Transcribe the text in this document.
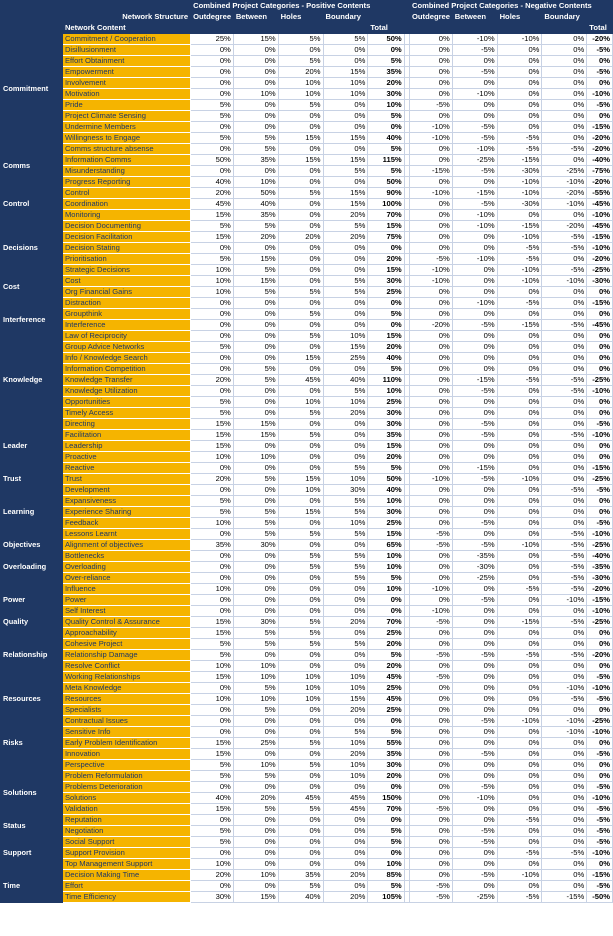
		Combined Project Categories - Positive Contents						Combined Project Categories - Negative Contents				
	Network Structure	Outdegree	Between	Holes	Boundary			Outdegree	Between	Holes	Boundary	
	Network Content					Total						Total
Commitment	Commitment / Cooperation	25%	15%	5%	5%	50%		0%	-10%	-10%	0%	-20%
	Disillusionment	0%	0%	0%	0%	0%		0%	-5%	0%	0%	-5%
	Effort Obtainment	0%	0%	5%	0%	5%		0%	0%	0%	0%	0%
	Empowerment	0%	0%	20%	15%	35%		0%	-5%	0%	0%	-5%
	Involvement	0%	0%	10%	10%	20%		0%	0%	0%	0%	0%
	Motivation	0%	10%	10%	10%	30%		0%	-10%	0%	0%	-10%
	Pride	5%	0%	5%	0%	10%		-5%	0%	0%	0%	-5%
	Project Climate Sensing	5%	0%	0%	0%	5%		0%	0%	0%	0%	0%
	Undermine Members	0%	0%	0%	0%	0%		-10%	-5%	0%	0%	-15%
	Willingness to Engage	5%	5%	15%	15%	40%		-10%	-5%	-5%	0%	-20%
Comms	Comms structure absense	0%	5%	0%	0%	5%		0%	-10%	-5%	-5%	-20%
	Information Comms	50%	35%	15%	15%	115%		0%	-25%	-15%	0%	-40%
	Misunderstanding	0%	0%	0%	5%	5%		-15%	-5%	-30%	-25%	-75%
	Progress Reporting	40%	10%	0%	0%	50%		0%	0%	-10%	-10%	-20%
Control	Control	20%	50%	5%	15%	90%		-10%	-15%	-10%	-20%	-55%
	Coordination	45%	40%	0%	15%	100%		0%	-5%	-30%	-10%	-45%
	Monitoring	15%	35%	0%	20%	70%		0%	-10%	0%	0%	-10%
Decisions	Decision Documenting	5%	5%	0%	5%	15%		0%	-10%	-15%	-20%	-45%
	Decision Facilitation	15%	20%	20%	20%	75%		0%	0%	-10%	-5%	-15%
	Decision Stating	0%	0%	0%	0%	0%		0%	0%	-5%	-5%	-10%
	Prioritisation	5%	15%	0%	0%	20%		-5%	-10%	-5%	0%	-20%
	Strategic Decisions	10%	5%	0%	0%	15%		-10%	0%	-10%	-5%	-25%
Cost	Cost	10%	15%	0%	5%	30%		-10%	0%	-10%	-10%	-30%
	Org Financial Gains	10%	5%	5%	5%	25%		0%	0%	0%	0%	0%
Interference	Distraction	0%	0%	0%	0%	0%		0%	-10%	-5%	0%	-15%
	Groupthink	0%	0%	5%	0%	5%		0%	0%	0%	0%	0%
	Interference	0%	0%	0%	0%	0%		-20%	-5%	-15%	-5%	-45%
	Law of Reciprocity	0%	0%	5%	10%	15%		0%	0%	0%	0%	0%
Knowledge	Group Advice Networks	5%	0%	0%	15%	20%		0%	0%	0%	0%	0%
	Info / Knowledge Search	0%	0%	15%	25%	40%		0%	0%	0%	0%	0%
	Information Competition	0%	5%	0%	0%	5%		0%	0%	0%	0%	0%
	Knowledge Transfer	20%	5%	45%	40%	110%		0%	-15%	-5%	-5%	-25%
	Knowledge Utilization	0%	0%	0%	5%	10%		0%	-5%	0%	-5%	-10%
	Opportunities	5%	0%	10%	10%	25%		0%	0%	0%	0%	0%
	Timely Access	5%	0%	5%	20%	30%		0%	0%	0%	0%	0%
Leader	Directing	15%	15%	0%	0%	30%		0%	-5%	0%	0%	-5%
	Facilitation	15%	15%	5%	0%	35%		0%	-5%	0%	-5%	-10%
	Leadership	15%	0%	0%	0%	15%		0%	0%	0%	0%	0%
	Proactive	10%	10%	0%	0%	20%		0%	0%	0%	0%	0%
	Reactive	0%	0%	0%	5%	5%		0%	-15%	0%	0%	-15%
Trust	Trust	20%	5%	15%	10%	50%		-10%	-5%	-10%	0%	-25%
Learning	Development	0%	0%	10%	30%	40%		0%	0%	0%	-5%	-5%
	Expansiveness	5%	0%	0%	5%	10%		0%	0%	0%	0%	0%
	Experience Sharing	5%	5%	15%	5%	30%		0%	0%	0%	0%	0%
	Feedback	10%	5%	0%	10%	25%		0%	-5%	0%	0%	-5%
	Lessons Learnt	0%	5%	5%	5%	15%		-5%	0%	0%	-5%	-10%
Objectives	Alignment of objectives	35%	30%	0%	0%	65%		-5%	-5%	-10%	-5%	-25%
Overloading	Bottlenecks	0%	0%	5%	5%	10%		0%	-35%	0%	-5%	-40%
	Overloading	0%	0%	5%	5%	10%		0%	-30%	0%	-5%	-35%
	Over-reliance	0%	0%	0%	5%	5%		0%	-25%	0%	-5%	-30%
Power	Influence	10%	0%	0%	0%	10%		-10%	0%	-5%	-5%	-20%
	Power	0%	0%	0%	0%	0%		0%	-5%	0%	-10%	-15%
	Self Interest	0%	0%	0%	0%	0%		-10%	0%	0%	0%	-10%
Quality	Quality Control & Assurance	15%	30%	5%	20%	70%		-5%	0%	-15%	-5%	-25%
Relationship	Approachability	15%	5%	5%	0%	25%		0%	0%	0%	0%	0%
	Cohesive Project	5%	5%	5%	5%	20%		0%	0%	0%	0%	0%
	Relationship Damage	5%	0%	0%	0%	5%		-5%	-5%	-5%	-5%	-20%
	Resolve Conflict	10%	10%	0%	0%	20%		0%	0%	0%	0%	0%
	Working Relationships	15%	10%	10%	10%	45%		-5%	0%	0%	0%	-5%
Resources	Meta Knowledge	0%	5%	10%	10%	25%		0%	0%	0%	-10%	-10%
	Resources	10%	10%	10%	15%	45%		0%	0%	0%	-5%	-5%
	Specialists	0%	5%	0%	20%	25%		0%	0%	0%	0%	0%
Risks	Contractual Issues	0%	0%	0%	0%	0%		0%	-5%	-10%	-10%	-25%
	Sensitive Info	0%	0%	0%	5%	5%		0%	0%	0%	-10%	-10%
	Early Problem Identification	15%	25%	5%	10%	55%		0%	0%	0%	0%	0%
	Innovation	15%	0%	0%	20%	35%		0%	-5%	0%	0%	-5%
	Perspective	5%	10%	5%	10%	30%		0%	0%	0%	0%	0%
Solutions	Problem Reformulation	5%	5%	0%	10%	20%		0%	0%	0%	0%	0%
	Problems Deterioration	0%	0%	0%	0%	0%		0%	-5%	0%	0%	-5%
	Solutions	40%	20%	45%	45%	150%		0%	-10%	0%	0%	-10%
	Validation	15%	5%	5%	45%	70%		-5%	0%	0%	0%	-5%
Status	Reputation	0%	0%	0%	0%	0%		0%	0%	-5%	0%	-5%
	Negotiation	5%	0%	0%	0%	5%		0%	-5%	0%	0%	-5%
Support	Social Support	5%	0%	0%	0%	5%		0%	-5%	0%	0%	-5%
	Support Provision	0%	0%	0%	0%	0%		0%	0%	-5%	-5%	-10%
	Top Management Support	10%	0%	0%	0%	10%		0%	0%	0%	0%	0%
Time	Decision Making Time	20%	10%	35%	20%	85%		0%	-5%	-10%	0%	-15%
	Effort	0%	0%	5%	0%	5%		-5%	0%	0%	0%	-5%
	Time Efficiency	30%	15%	40%	20%	105%		-5%	-25%	-5%	-15%	-50%
